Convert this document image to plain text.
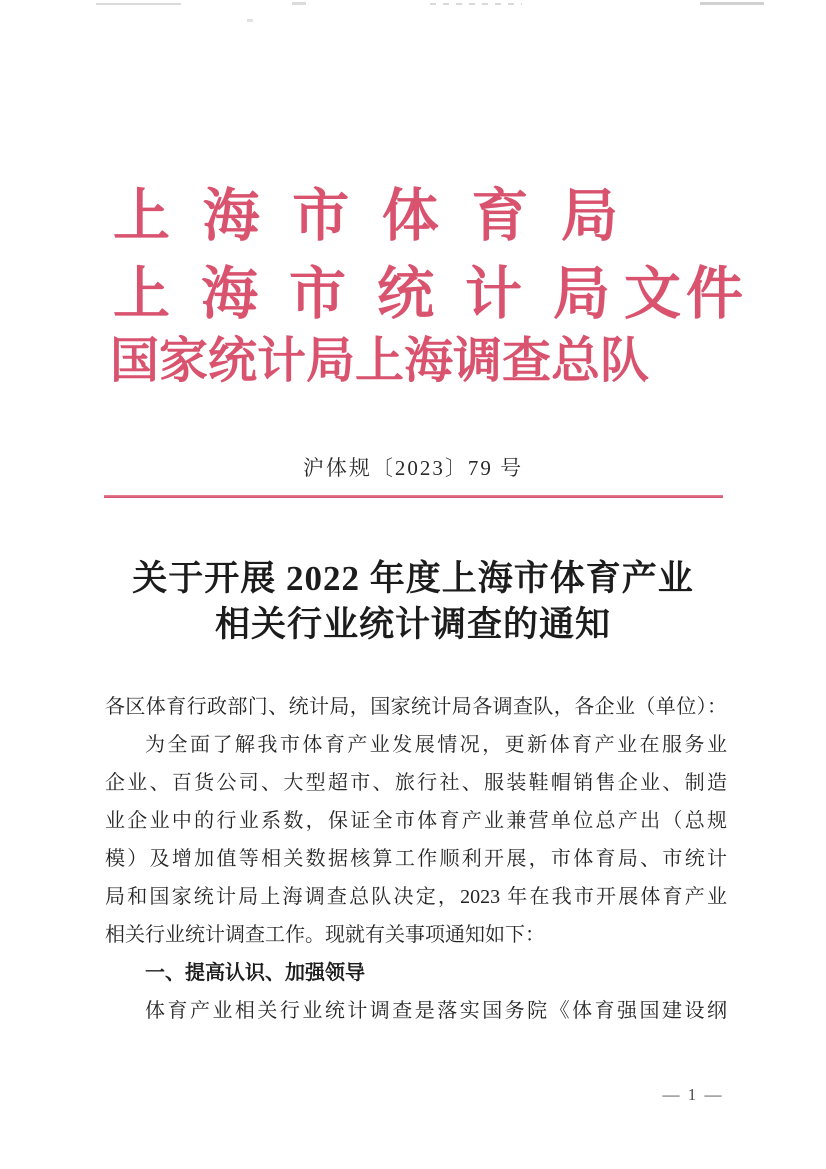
上海市体育局
上海市统计局 文件
国家统计局上海调查总队
沪体规〔2023〕79 号
关于开展 2022 年度上海市体育产业
相关行业统计调查的通知
各区体育行政部门、统计局，国家统计局各调查队，各企业（单位）：
为全面了解我市体育产业发展情况，更新体育产业在服务业
企业、百货公司、大型超市、旅行社、服装鞋帽销售企业、制造
业企业中的行业系数，保证全市体育产业兼营单位总产出（总规
模）及增加值等相关数据核算工作顺利开展，市体育局、市统计
局和国家统计局上海调查总队决定，2023 年在我市开展体育产业
相关行业统计调查工作。现就有关事项通知如下：
一、提高认识、加强领导
体育产业相关行业统计调查是落实国务院《体育强国建设纲
— 1 —
